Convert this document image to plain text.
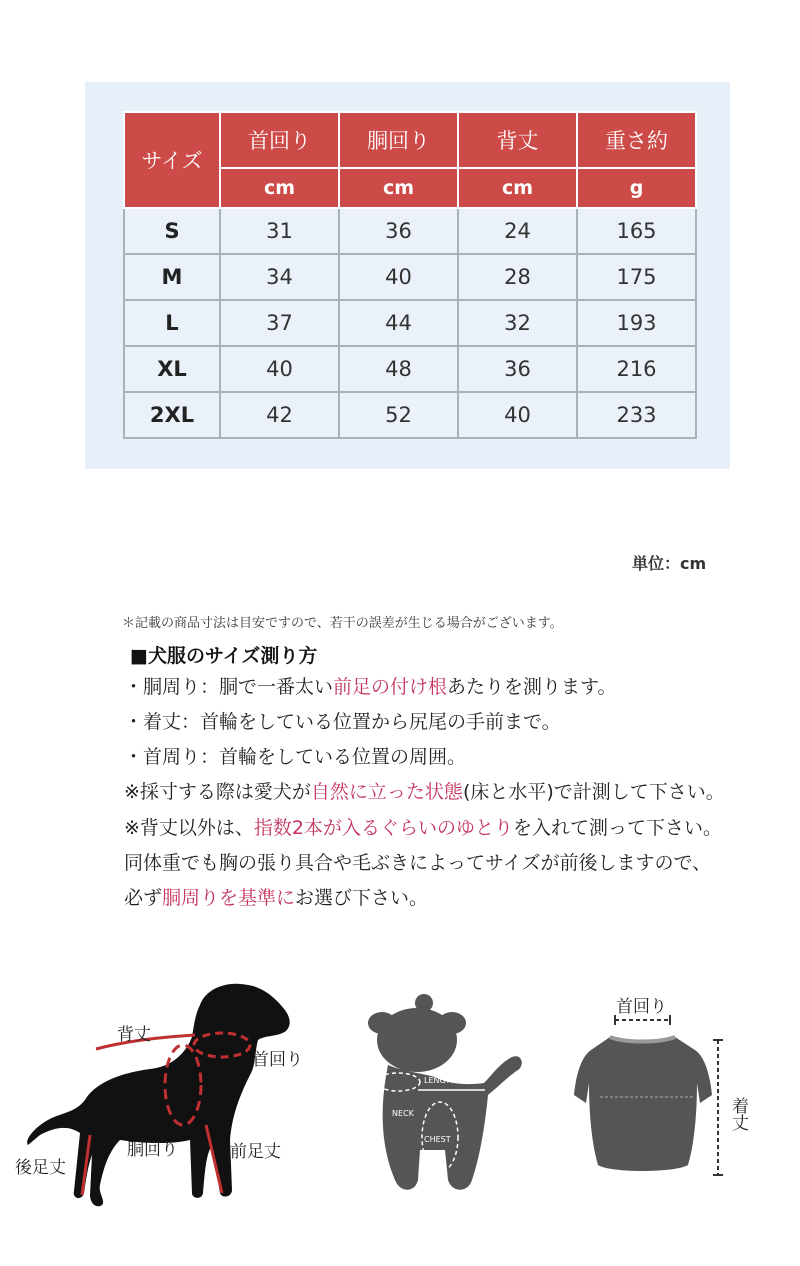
サイズ	首回り	胴回り	背丈	重さ約
	cm	cm	cm	g
S	31	36	24	165
M	34	40	28	175
L	37	44	32	193
XL	40	48	36	216
2XL	42	52	40	233
単位：cm
＊記載の商品寸法は目安ですので、若干の誤差が生じる場合がございます。
■犬服のサイズ測り方
・胴周り：胴で一番太い前足の付け根あたりを測ります。
・着丈：首輪をしている位置から尻尾の手前まで。
・首周り：首輪をしている位置の周囲。
※採寸する際は愛犬が自然に立った状態(床と水平)で計測して下さい。
※背丈以外は、指数2本が入るぐらいのゆとりを入れて測って下さい。
同体重でも胸の張り具合や毛ぶきによってサイズが前後しますので、
必ず胴周りを基準にお選び下さい。
背丈
首回り
胴回り	前足丈
後足丈
LENGTH
NECK
CHEST
首回り
着丈
